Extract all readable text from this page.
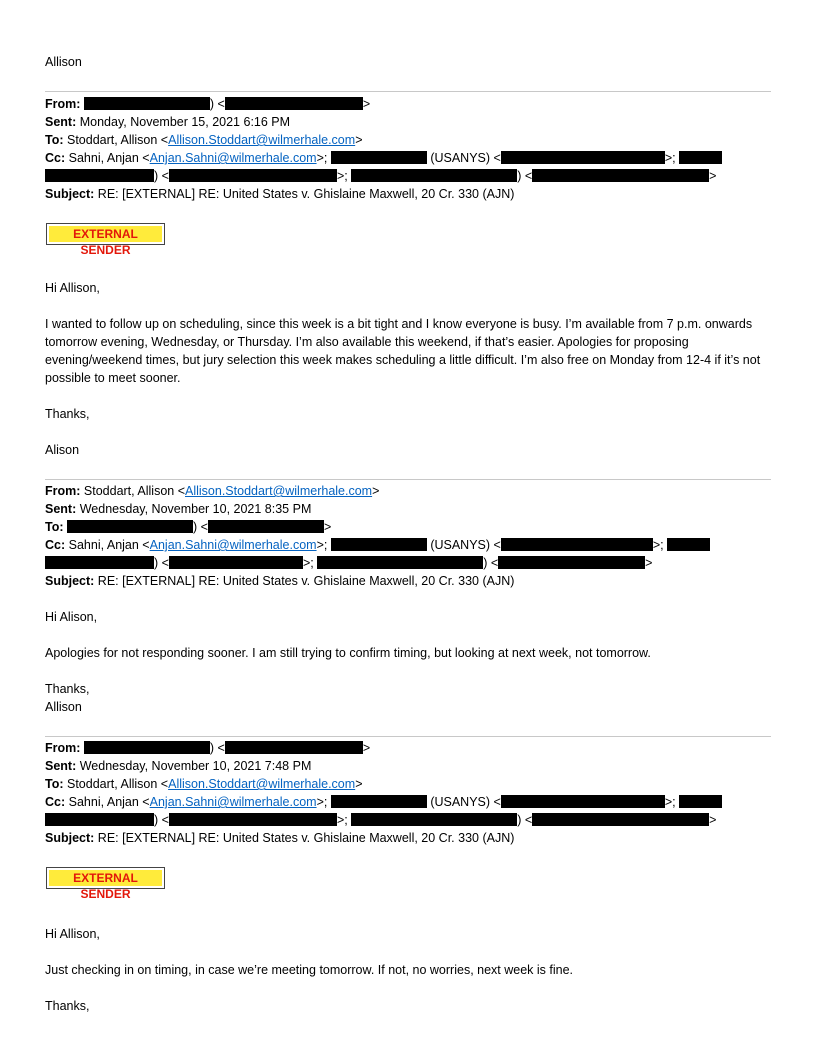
Allison
From:	) <	>
Sent: Monday, November 15, 2021 6:16 PM
To: Stoddart, Allison <Allison.Stoddart@wilmerhale.com>
Cc: Sahni, Anjan <Anjan.Sahni@wilmerhale.com>;	(USANYS) <	>;
) <	>;	) <	>
Subject: RE: [EXTERNAL] RE: United States v. Ghislaine Maxwell, 20 Cr. 330 (AJN)
EXTERNAL SENDER
Hi Allison,
I wanted to follow up on scheduling, since this week is a bit tight and I know everyone is busy. I’m available from 7 p.m. onwards tomorrow evening, Wednesday, or Thursday. I’m also available this weekend, if that’s easier. Apologies for proposing evening/weekend times, but jury selection this week makes scheduling a little difficult. I’m also free on Monday from 12-4 if it’s not possible to meet sooner.
Thanks,
Alison
From: Stoddart, Allison <Allison.Stoddart@wilmerhale.com>
Sent: Wednesday, November 10, 2021 8:35 PM
To:	) <	>
Cc: Sahni, Anjan <Anjan.Sahni@wilmerhale.com>;	(USANYS) <	>;
) <	>;	) <	>
Subject: RE: [EXTERNAL] RE: United States v. Ghislaine Maxwell, 20 Cr. 330 (AJN)
Hi Alison,
Apologies for not responding sooner. I am still trying to confirm timing, but looking at next week, not tomorrow.
Thanks,
Allison
From:	) <	>
Sent: Wednesday, November 10, 2021 7:48 PM
To: Stoddart, Allison <Allison.Stoddart@wilmerhale.com>
Cc: Sahni, Anjan <Anjan.Sahni@wilmerhale.com>;	(USANYS) <	>;
) <	>;	) <	>
Subject: RE: [EXTERNAL] RE: United States v. Ghislaine Maxwell, 20 Cr. 330 (AJN)
EXTERNAL SENDER
Hi Allison,
Just checking in on timing, in case we’re meeting tomorrow. If not, no worries, next week is fine.
Thanks,
